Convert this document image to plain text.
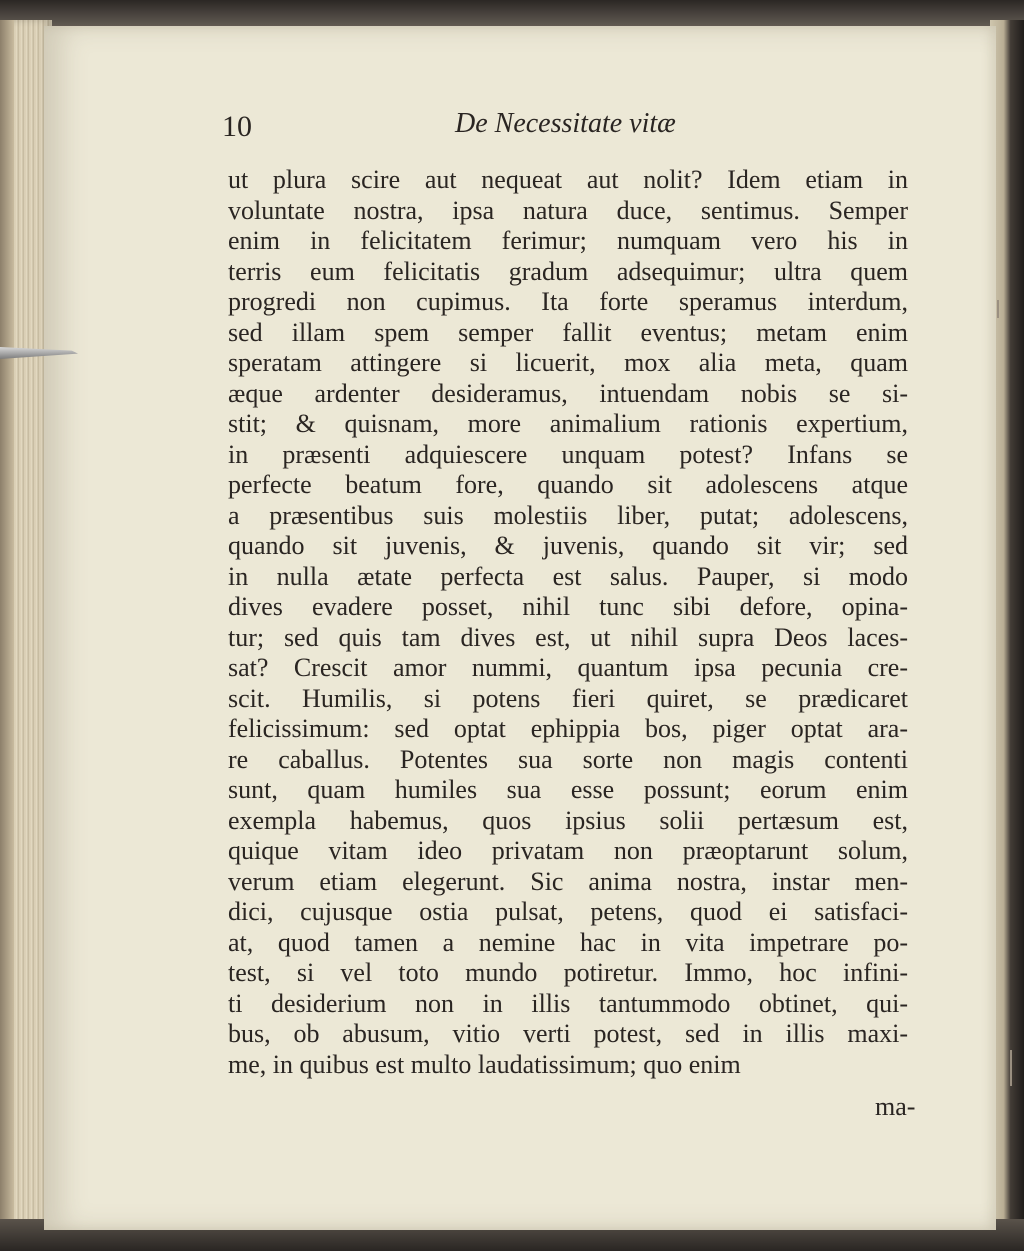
10	De Necessitate vitæ
ut plura scire aut nequeat aut nolit? Idem etiam in
voluntate nostra, ipsa natura duce, sentimus. Semper
enim in felicitatem ferimur; numquam vero his in
terris eum felicitatis gradum adsequimur; ultra quem
progredi non cupimus. Ita forte speramus interdum,
sed illam spem semper fallit eventus; metam enim
speratam attingere si licuerit, mox alia meta, quam
æque ardenter desideramus, intuendam nobis se si-
stit; & quisnam, more animalium rationis expertium,
in præsenti adquiescere unquam potest? Infans se
perfecte beatum fore, quando sit adolescens atque
a præsentibus suis molestiis liber, putat; adolescens,
quando sit juvenis, & juvenis, quando sit vir; sed
in nulla ætate perfecta est salus. Pauper, si modo
dives evadere posset, nihil tunc sibi defore, opina-
tur; sed quis tam dives est, ut nihil supra Deos laces-
sat? Crescit amor nummi, quantum ipsa pecunia cre-
scit. Humilis, si potens fieri quiret, se prædicaret
felicissimum: sed optat ephippia bos, piger optat ara-
re caballus. Potentes sua sorte non magis contenti
sunt, quam humiles sua esse possunt; eorum enim
exempla habemus, quos ipsius solii pertæsum est,
quique vitam ideo privatam non præoptarunt solum,
verum etiam elegerunt. Sic anima nostra, instar men-
dici, cujusque ostia pulsat, petens, quod ei satisfaci-
at, quod tamen a nemine hac in vita impetrare po-
test, si vel toto mundo potiretur. Immo, hoc infini-
ti desiderium non in illis tantummodo obtinet, qui-
bus, ob abusum, vitio verti potest, sed in illis maxi-
me, in quibus est multo laudatissimum; quo enim
ma-
